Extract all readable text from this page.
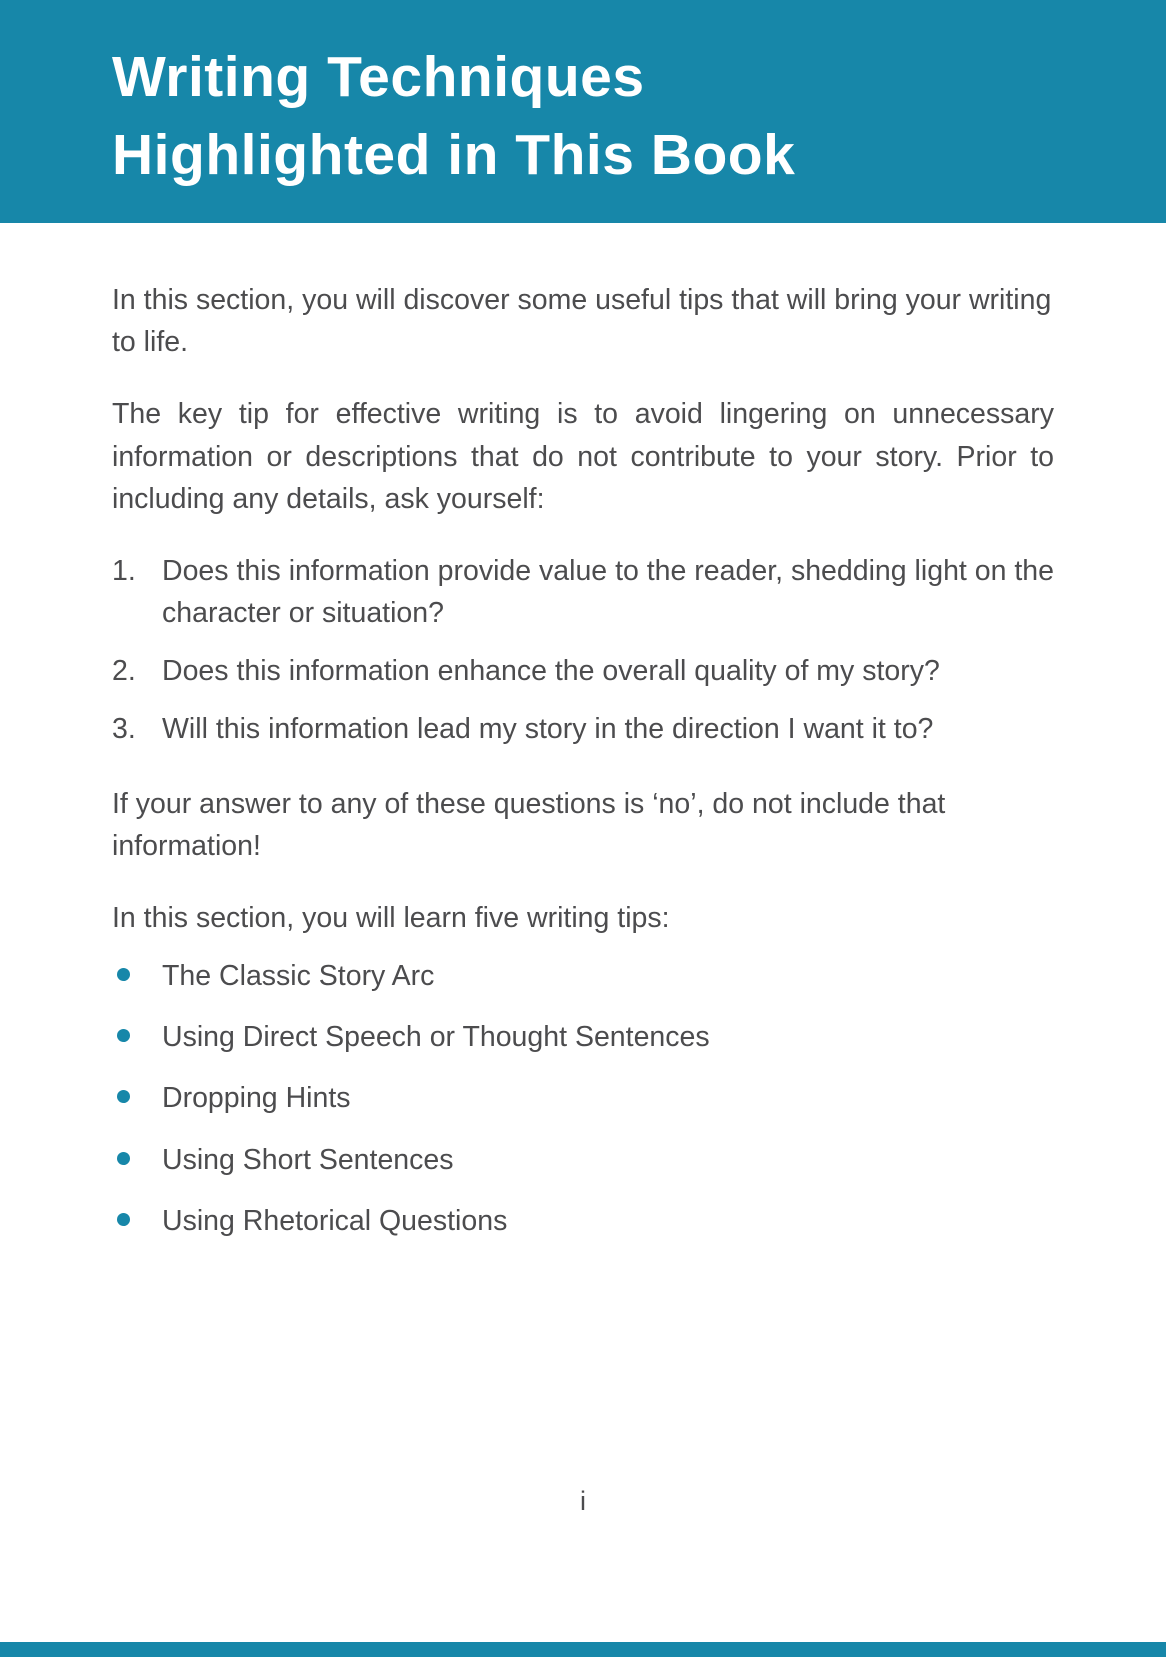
Writing Techniques
Highlighted in This Book

In this section, you will discover some useful tips that will bring your writing to life.

The key tip for effective writing is to avoid lingering on unnecessary information or descriptions that do not contribute to your story. Prior to including any details, ask yourself:

1. Does this information provide value to the reader, shedding light on the character or situation?
2. Does this information enhance the overall quality of my story?
3. Will this information lead my story in the direction I want it to?

If your answer to any of these questions is ‘no’, do not include that information!

In this section, you will learn five writing tips:

The Classic Story Arc
Using Direct Speech or Thought Sentences
Dropping Hints
Using Short Sentences
Using Rhetorical Questions
i
